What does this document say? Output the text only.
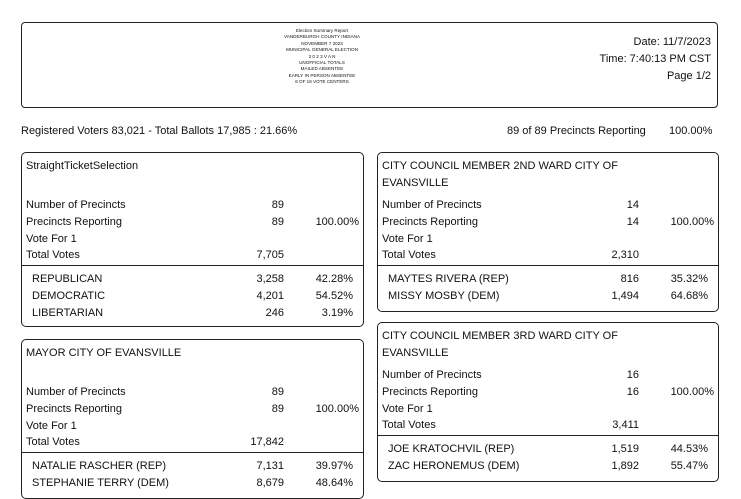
Election Summary Report
VANDERBURGH COUNTY INDIANA
NOVEMBER 7 2023
MUNICIPAL GENERAL ELECTION
2 0 2 3 V A N
UNOFFICIAL TOTALS
MAILED ABSENTEE
EARLY IN PERSON ABSENTEE
6 OF 16 VOTE CENTERS
Date: 11/7/2023
Time: 7:40:13 PM CST
Page 1/2
Registered Voters 83,021 - Total Ballots 17,985 : 21.66%	89 of 89 Precincts Reporting 100.00%
StraightTicketSelection
Number of Precincts	89
Precincts Reporting	89	100.00%
Vote For 1
Total Votes	7,705
REPUBLICAN	3,258	42.28%
DEMOCRATIC	4,201	54.52%
LIBERTARIAN	246	3.19%
MAYOR CITY OF EVANSVILLE
Number of Precincts	89
Precincts Reporting	89	100.00%
Vote For 1
Total Votes	17,842
NATALIE RASCHER (REP)	7,131	39.97%
STEPHANIE TERRY (DEM)	8,679	48.64%
CITY COUNCIL MEMBER 2ND WARD CITY OF
EVANSVILLE
Number of Precincts	14
Precincts Reporting	14	100.00%
Vote For 1
Total Votes	2,310
MAYTES RIVERA (REP)	816	35.32%
MISSY MOSBY (DEM)	1,494	64.68%
CITY COUNCIL MEMBER 3RD WARD CITY OF
EVANSVILLE
Number of Precincts	16
Precincts Reporting	16	100.00%
Vote For 1
Total Votes	3,411
JOE KRATOCHVIL (REP)	1,519	44.53%
ZAC HERONEMUS (DEM)	1,892	55.47%
